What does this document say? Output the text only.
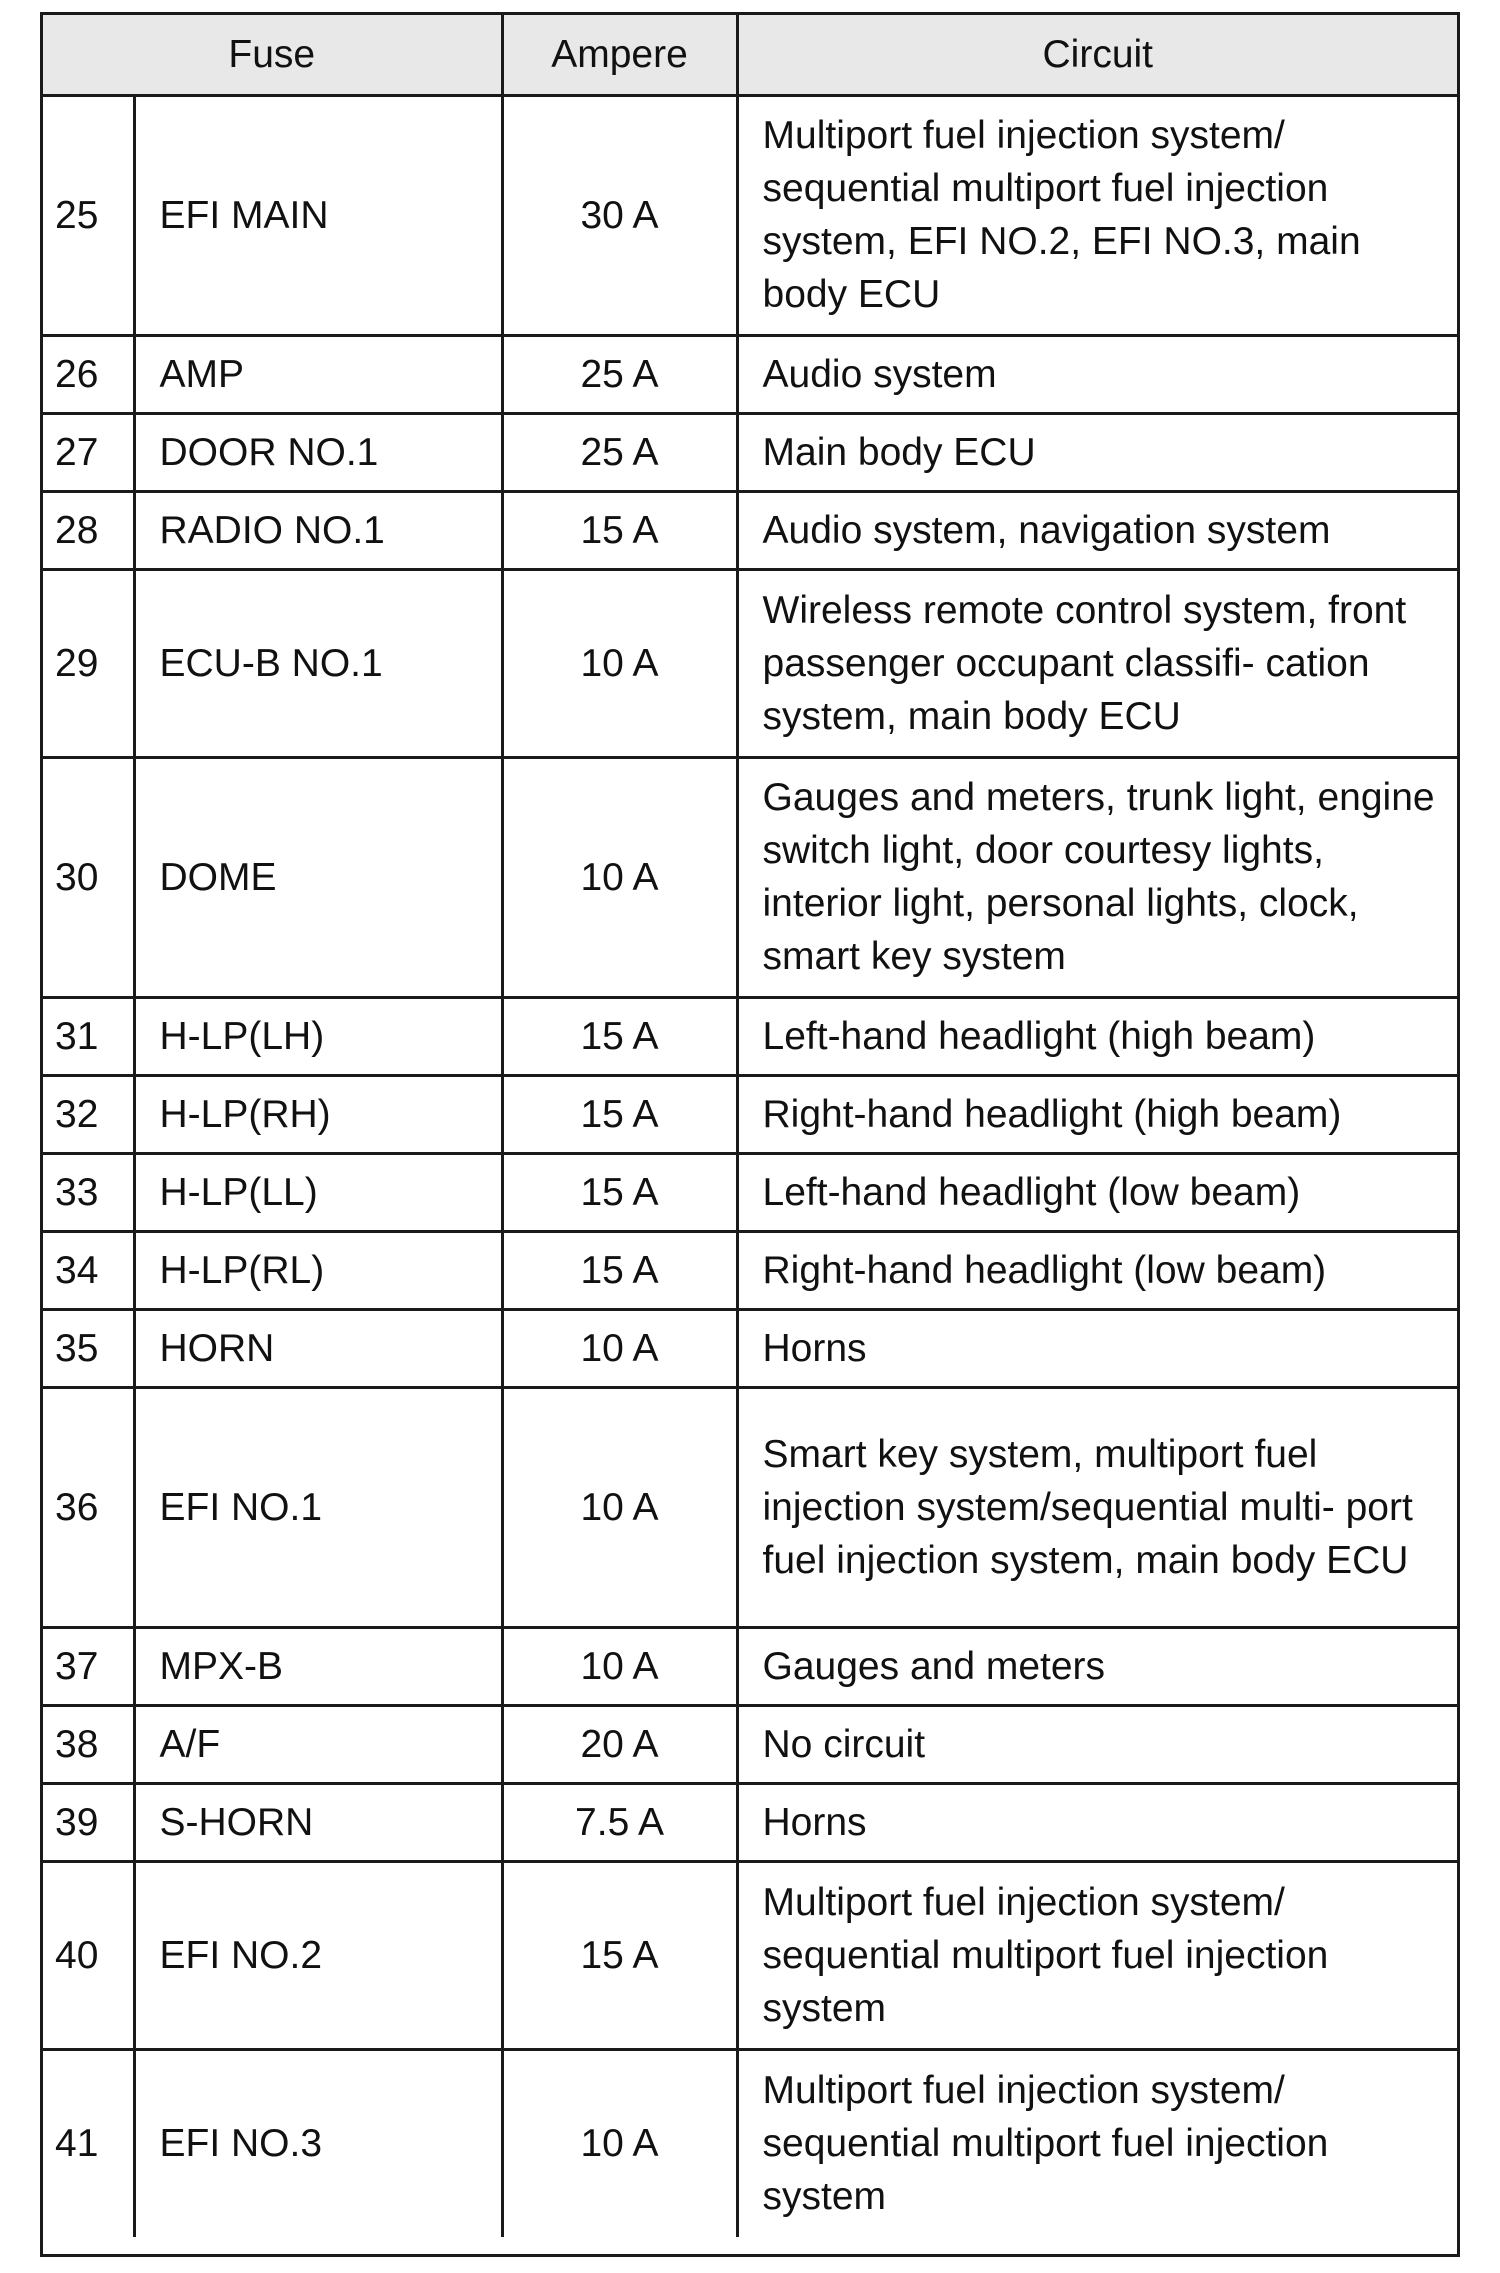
Fuse		Ampere	Circuit
25	EFI MAIN	30 A	Multiport fuel injection system/ sequential multiport fuel injection system, EFI NO.2, EFI NO.3, main body ECU
26	AMP	25 A	Audio system
27	DOOR NO.1	25 A	Main body ECU
28	RADIO NO.1	15 A	Audio system, navigation system
29	ECU-B NO.1	10 A	Wireless remote control system, front passenger occupant classifi- cation system, main body ECU
30	DOME	10 A	Gauges and meters, trunk light, engine switch light, door courtesy lights, interior light, personal lights, clock, smart key system
31	H-LP(LH)	15 A	Left-hand headlight (high beam)
32	H-LP(RH)	15 A	Right-hand headlight (high beam)
33	H-LP(LL)	15 A	Left-hand headlight (low beam)
34	H-LP(RL)	15 A	Right-hand headlight (low beam)
35	HORN	10 A	Horns
36	EFI NO.1	10 A	Smart key system, multiport fuel injection system/sequential multi- port fuel injection system, main body ECU
37	MPX-B	10 A	Gauges and meters
38	A/F	20 A	No circuit
39	S-HORN	7.5 A	Horns
40	EFI NO.2	15 A	Multiport fuel injection system/ sequential multiport fuel injection system
41	EFI NO.3	10 A	Multiport fuel injection system/ sequential multiport fuel injection system
